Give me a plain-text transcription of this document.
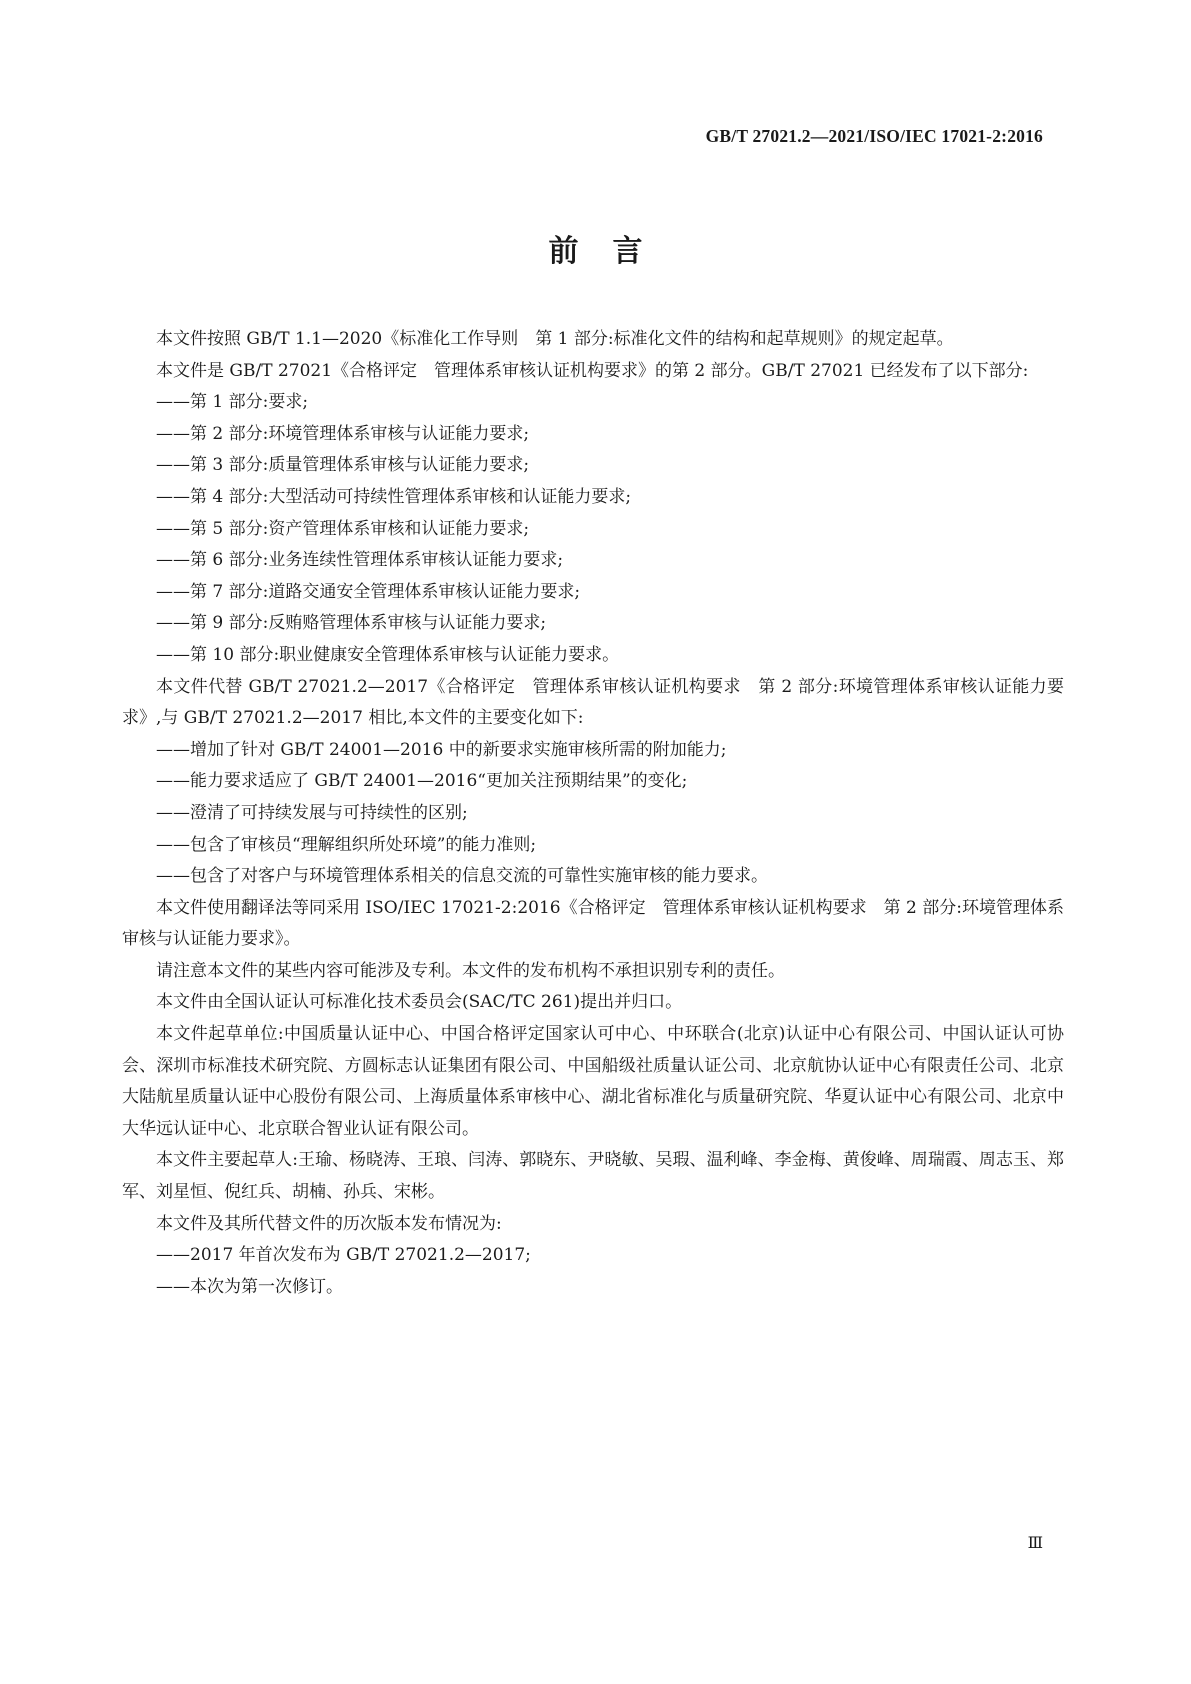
GB/T 27021.2—2021/ISO/IEC 17021-2:2016
前言

本文件按照 GB/T 1.1—2020《标准化工作导则　第 1 部分:标准化文件的结构和起草规则》的规定起草。

本文件是 GB/T 27021《合格评定　管理体系审核认证机构要求》的第 2 部分。GB/T 27021 已经发布了以下部分:

——第 1 部分:要求;

——第 2 部分:环境管理体系审核与认证能力要求;

——第 3 部分:质量管理体系审核与认证能力要求;

——第 4 部分:大型活动可持续性管理体系审核和认证能力要求;

——第 5 部分:资产管理体系审核和认证能力要求;

——第 6 部分:业务连续性管理体系审核认证能力要求;

——第 7 部分:道路交通安全管理体系审核认证能力要求;

——第 9 部分:反贿赂管理体系审核与认证能力要求;

——第 10 部分:职业健康安全管理体系审核与认证能力要求。

本文件代替 GB/T 27021.2—2017《合格评定　管理体系审核认证机构要求　第 2 部分:环境管理体系审核认证能力要求》,与 GB/T 27021.2—2017 相比,本文件的主要变化如下:

——增加了针对 GB/T 24001—2016 中的新要求实施审核所需的附加能力;

——能力要求适应了 GB/T 24001—2016“更加关注预期结果”的变化;

——澄清了可持续发展与可持续性的区别;

——包含了审核员“理解组织所处环境”的能力准则;

——包含了对客户与环境管理体系相关的信息交流的可靠性实施审核的能力要求。

本文件使用翻译法等同采用 ISO/IEC 17021-2:2016《合格评定　管理体系审核认证机构要求　第 2 部分:环境管理体系审核与认证能力要求》。

请注意本文件的某些内容可能涉及专利。本文件的发布机构不承担识别专利的责任。

本文件由全国认证认可标准化技术委员会(SAC/TC 261)提出并归口。

本文件起草单位:中国质量认证中心、中国合格评定国家认可中心、中环联合(北京)认证中心有限公司、中国认证认可协会、深圳市标准技术研究院、方圆标志认证集团有限公司、中国船级社质量认证公司、北京航协认证中心有限责任公司、北京大陆航星质量认证中心股份有限公司、上海质量体系审核中心、湖北省标准化与质量研究院、华夏认证中心有限公司、北京中大华远认证中心、北京联合智业认证有限公司。

本文件主要起草人:王瑜、杨晓涛、王琅、闫涛、郭晓东、尹晓敏、吴瑕、温利峰、李金梅、黄俊峰、周瑞霞、周志玉、郑军、刘星恒、倪红兵、胡楠、孙兵、宋彬。

本文件及其所代替文件的历次版本发布情况为:

——2017 年首次发布为 GB/T 27021.2—2017;

——本次为第一次修订。

Ⅲ
